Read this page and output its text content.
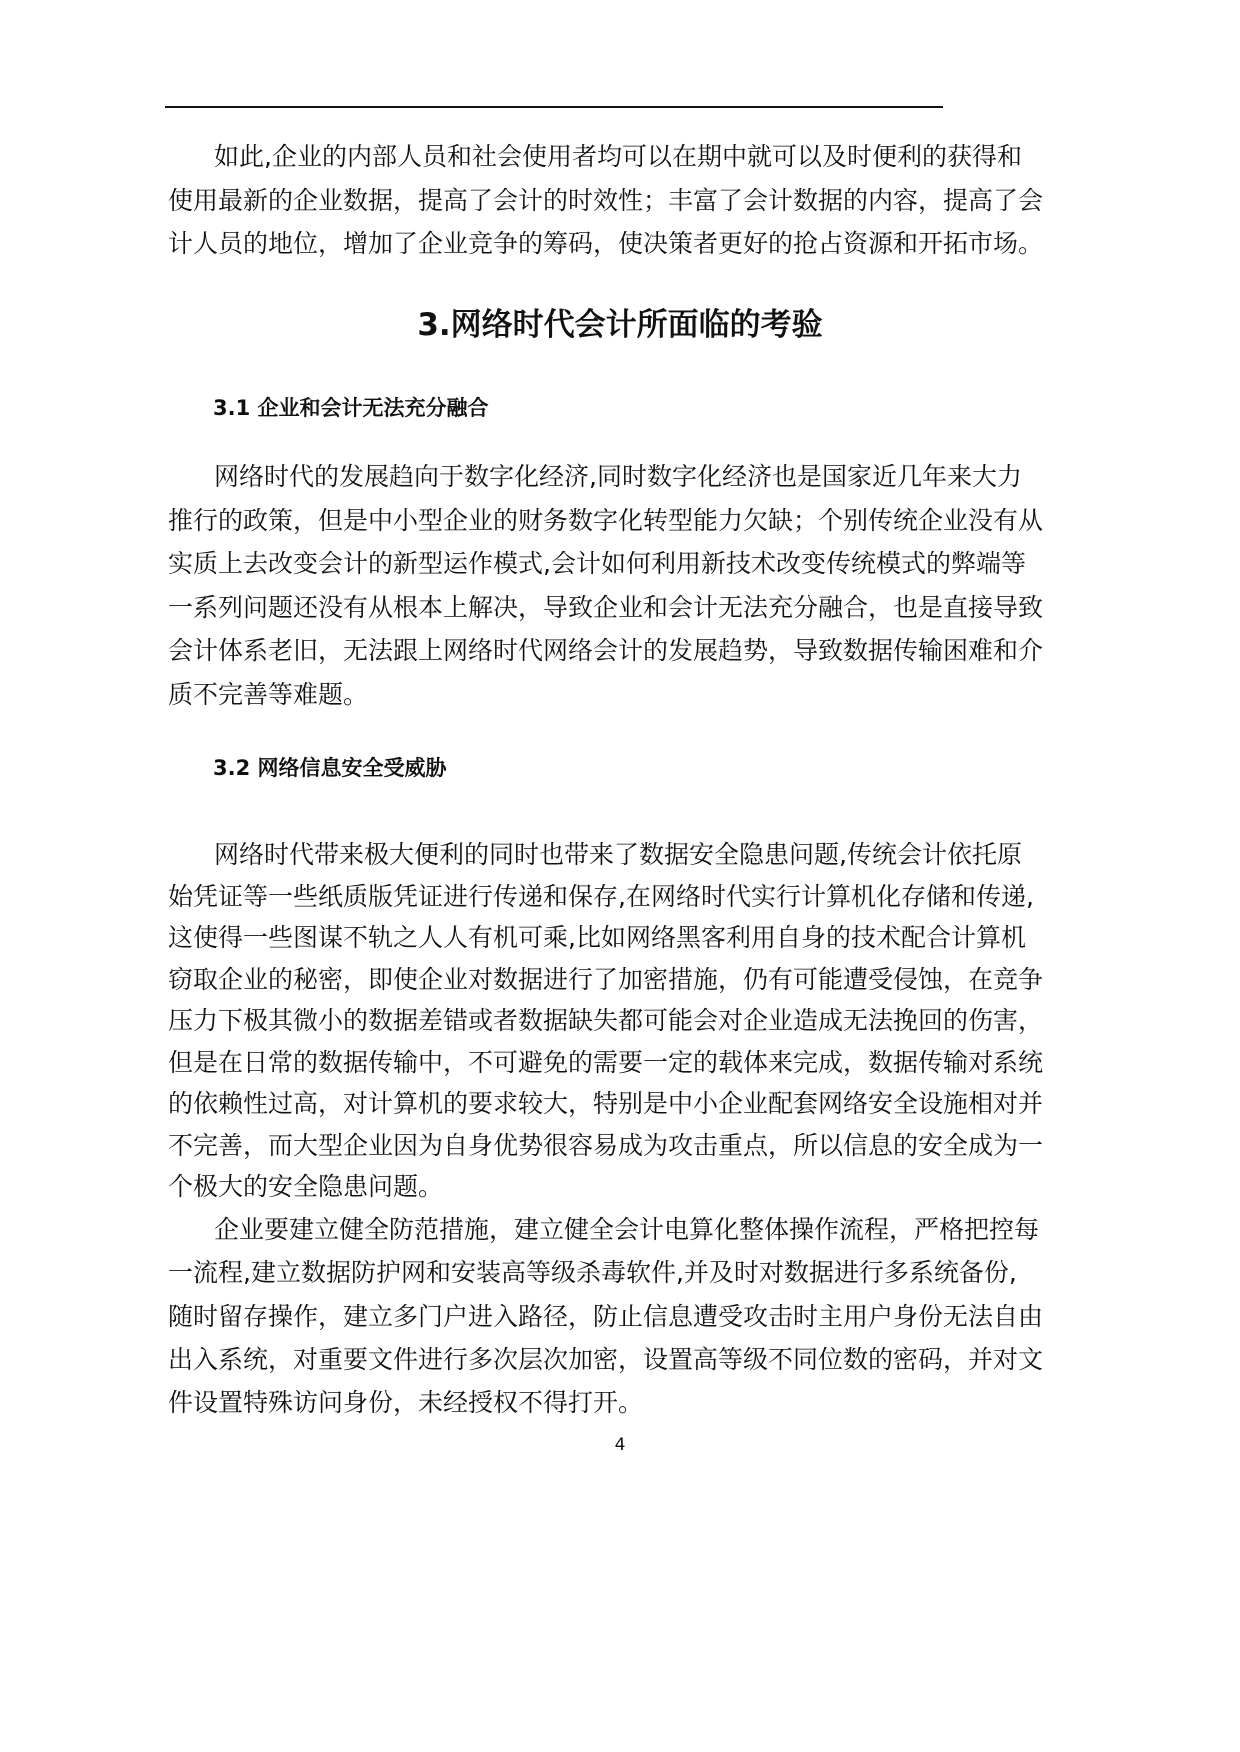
如此,企业的内部人员和社会使用者均可以在期中就可以及时便利的获得和
使用最新的企业数据，提高了会计的时效性；丰富了会计数据的内容，提高了会
计人员的地位，增加了企业竞争的筹码，使决策者更好的抢占资源和开拓市场。
3.网络时代会计所面临的考验
3.1 企业和会计无法充分融合
网络时代的发展趋向于数字化经济,同时数字化经济也是国家近几年来大力
推行的政策，但是中小型企业的财务数字化转型能力欠缺；个别传统企业没有从
实质上去改变会计的新型运作模式,会计如何利用新技术改变传统模式的弊端等
一系列问题还没有从根本上解决，导致企业和会计无法充分融合，也是直接导致
会计体系老旧，无法跟上网络时代网络会计的发展趋势，导致数据传输困难和介
质不完善等难题。
3.2 网络信息安全受威胁
网络时代带来极大便利的同时也带来了数据安全隐患问题,传统会计依托原
始凭证等一些纸质版凭证进行传递和保存,在网络时代实行计算机化存储和传递,
这使得一些图谋不轨之人人有机可乘,比如网络黑客利用自身的技术配合计算机
窃取企业的秘密，即使企业对数据进行了加密措施，仍有可能遭受侵蚀，在竞争
压力下极其微小的数据差错或者数据缺失都可能会对企业造成无法挽回的伤害，
但是在日常的数据传输中，不可避免的需要一定的载体来完成，数据传输对系统
的依赖性过高，对计算机的要求较大，特别是中小企业配套网络安全设施相对并
不完善，而大型企业因为自身优势很容易成为攻击重点，所以信息的安全成为一
个极大的安全隐患问题。
企业要建立健全防范措施，建立健全会计电算化整体操作流程，严格把控每
一流程,建立数据防护网和安装高等级杀毒软件,并及时对数据进行多系统备份,
随时留存操作，建立多门户进入路径，防止信息遭受攻击时主用户身份无法自由
出入系统，对重要文件进行多次层次加密，设置高等级不同位数的密码，并对文
件设置特殊访问身份，未经授权不得打开。
4
